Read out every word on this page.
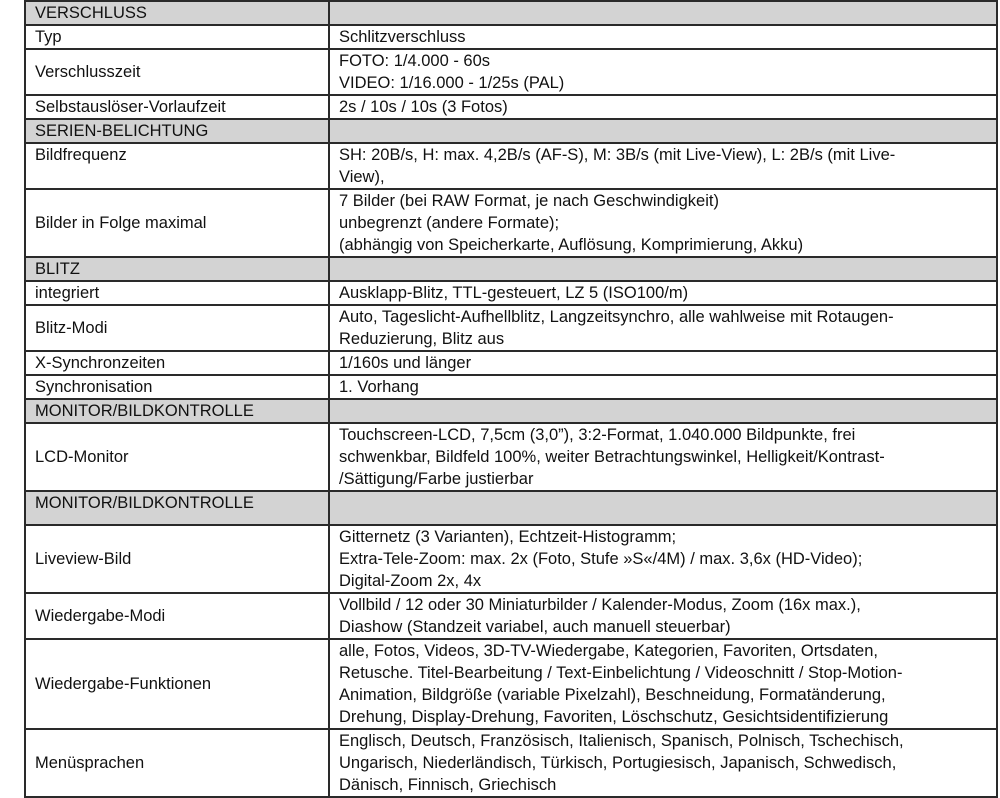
VERSCHLUSS	
Typ	Schlitzverschluss

Verschlusszeit	FOTO: 1/4.000 - 60s
VIDEO: 1/16.000 - 1/25s (PAL)

Selbstauslöser-Vorlaufzeit	2s / 10s / 10s (3 Fotos)

SERIEN-BELICHTUNG	
Bildfrequenz	SH: 20B/s, H: max. 4,2B/s (AF-S), M: 3B/s (mit Live-View), L: 2B/s (mit Live-
View),

Bilder in Folge maximal	7 Bilder (bei RAW Format, je nach Geschwindigkeit)
unbegrenzt (andere Formate);
(abhängig von Speicherkarte, Auflösung, Komprimierung, Akku)

BLITZ	
integriert	Ausklapp-Blitz, TTL-gesteuert, LZ 5 (ISO100/m)

Blitz-Modi	Auto, Tageslicht-Aufhellblitz, Langzeitsynchro, alle wahlweise mit Rotaugen-
Reduzierung, Blitz aus

X-Synchronzeiten	1/160s und länger

Synchronisation	1. Vorhang

MONITOR/BILDKONTROLLE	
LCD-Monitor	Touchscreen-LCD, 7,5cm (3,0”), 3:2-Format, 1.040.000 Bildpunkte, frei
schwenkbar, Bildfeld 100%, weiter Betrachtungswinkel, Helligkeit/Kontrast-
/Sättigung/Farbe justierbar

MONITOR/BILDKONTROLLE	
Liveview-Bild	Gitternetz (3 Varianten), Echtzeit-Histogramm;
Extra-Tele-Zoom: max. 2x (Foto, Stufe »S«/4M) / max. 3,6x (HD-Video);
Digital-Zoom 2x, 4x

Wiedergabe-Modi	Vollbild / 12 oder 30 Miniaturbilder / Kalender-Modus, Zoom (16x max.),
Diashow (Standzeit variabel, auch manuell steuerbar)

Wiedergabe-Funktionen	alle, Fotos, Videos, 3D-TV-Wiedergabe, Kategorien, Favoriten, Ortsdaten,
Retusche. Titel-Bearbeitung / Text-Einbelichtung / Videoschnitt / Stop-Motion-
Animation, Bildgröße (variable Pixelzahl), Beschneidung, Formatänderung,
Drehung, Display-Drehung, Favoriten, Löschschutz, Gesichtsidentifizierung

Menüsprachen	Englisch, Deutsch, Französisch, Italienisch, Spanisch, Polnisch, Tschechisch,
Ungarisch, Niederländisch, Türkisch, Portugiesisch, Japanisch, Schwedisch,
Dänisch, Finnisch, Griechisch
